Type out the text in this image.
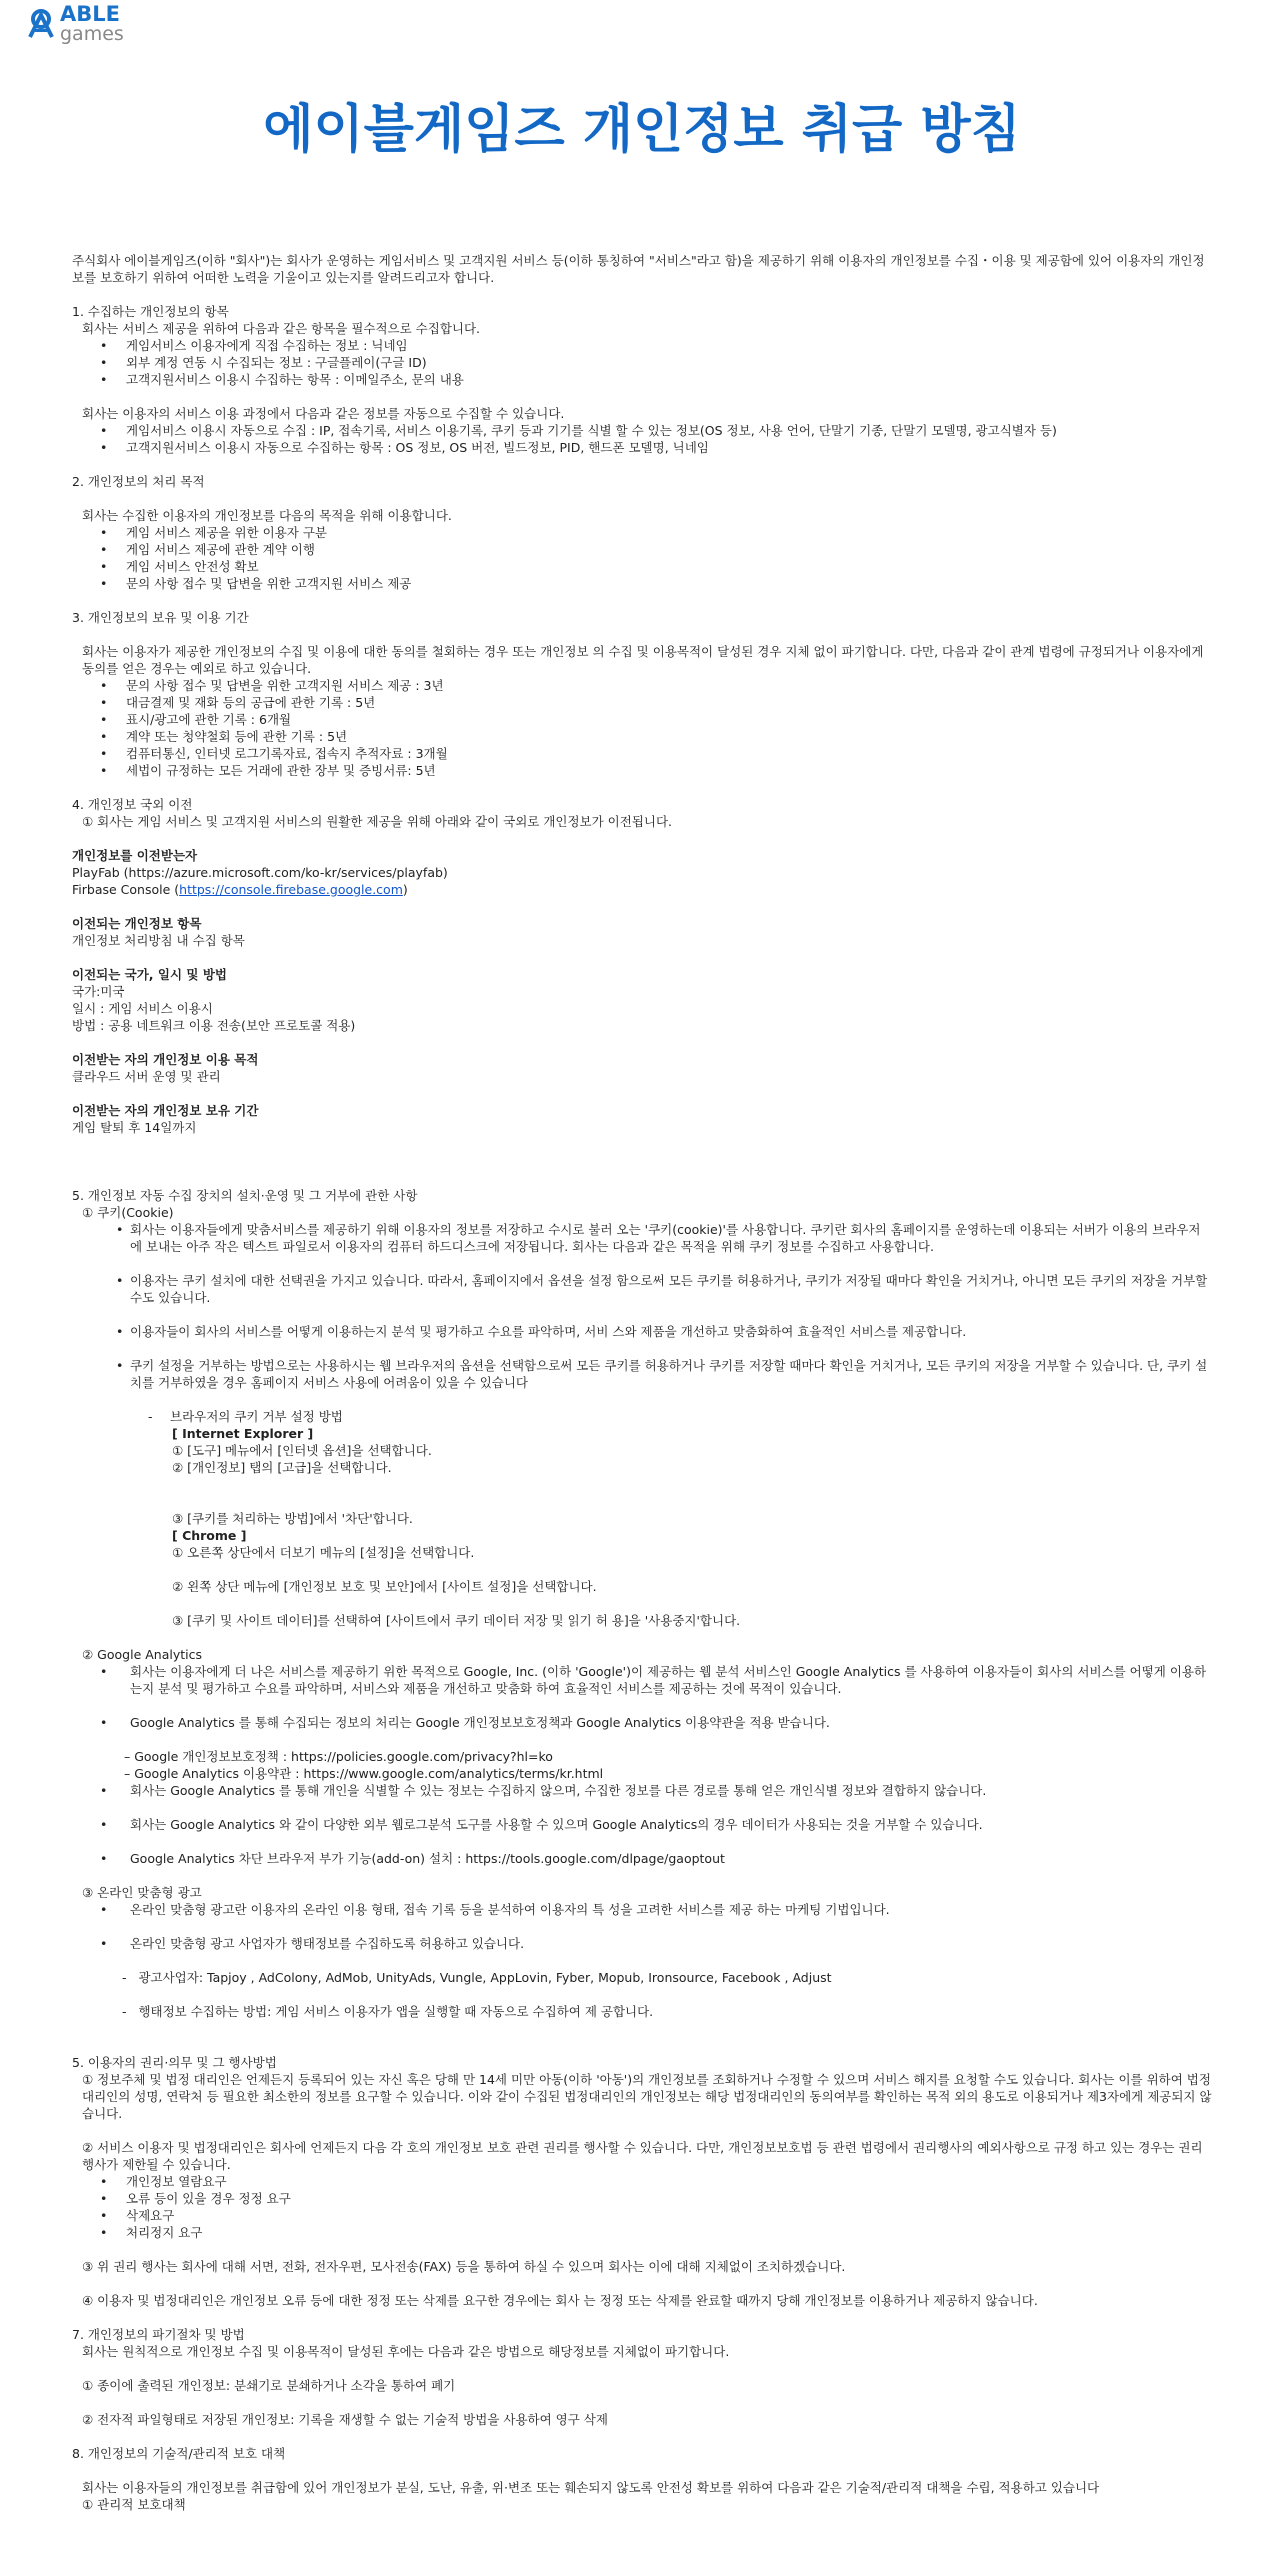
ABLE
games
에이블게임즈 개인정보 취급 방침

주식회사 에이블게임즈(이하 "회사")는 회사가 운영하는 게임서비스 및 고객지원 서비스 등(이하 통칭하여 "서비스"라고 함)을 제공하기 위해 이용자의 개인정보를 수집・이용 및 제공함에 있어 이용자의 개인정보를 보호하기 위하여 어떠한 노력을 기울이고 있는지를 알려드리고자 합니다.

1. 수집하는 개인정보의 항목

회사는 서비스 제공을 위하여 다음과 같은 항목을 필수적으로 수집합니다.

• 게임서비스 이용자에게 직접 수집하는 정보 : 닉네임
• 외부 계정 연동 시 수집되는 정보 : 구글플레이(구글 ID)
• 고객지원서비스 이용시 수집하는 항목 : 이메일주소, 문의 내용

회사는 이용자의 서비스 이용 과정에서 다음과 같은 정보를 자동으로 수집할 수 있습니다.

• 게임서비스 이용시 자동으로 수집 : IP, 접속기록, 서비스 이용기록, 쿠키 등과 기기를 식별 할 수 있는 정보(OS 정보, 사용 언어, 단말기 기종, 단말기 모델명, 광고식별자 등)
• 고객지원서비스 이용시 자동으로 수집하는 항목 : OS 정보, OS 버전, 빌드정보, PID, 핸드폰 모델명, 닉네임

2. 개인정보의 처리 목적

회사는 수집한 이용자의 개인정보를 다음의 목적을 위해 이용합니다.

• 게임 서비스 제공을 위한 이용자 구분
• 게임 서비스 제공에 관한 계약 이행
• 게임 서비스 안전성 확보
• 문의 사항 접수 및 답변을 위한 고객지원 서비스 제공

3. 개인정보의 보유 및 이용 기간

회사는 이용자가 제공한 개인정보의 수집 및 이용에 대한 동의를 철회하는 경우 또는 개인정보 의 수집 및 이용목적이 달성된 경우 지체 없이 파기합니다. 다만, 다음과 같이 관계 법령에 규정되거나 이용자에게 동의를 얻은 경우는 예외로 하고 있습니다.

• 문의 사항 접수 및 답변을 위한 고객지원 서비스 제공 : 3년
• 대금결제 및 재화 등의 공급에 관한 기록 : 5년
• 표시/광고에 관한 기록 : 6개월
• 계약 또는 청약철회 등에 관한 기록 : 5년
• 컴퓨터통신, 인터넷 로그기록자료, 접속지 추적자료 : 3개월
• 세법이 규정하는 모든 거래에 관한 장부 및 증빙서류: 5년

4. 개인정보 국외 이전

① 회사는 게임 서비스 및 고객지원 서비스의 원활한 제공을 위해 아래와 같이 국외로 개인정보가 이전됩니다.

개인정보를 이전받는자

PlayFab (https://azure.microsoft.com/ko-kr/services/playfab)

Firbase Console (https://console.firebase.google.com)

이전되는 개인정보 항목

개인정보 처리방침 내 수집 항목

이전되는 국가, 일시 및 방법

국가:미국

일시 : 게임 서비스 이용시

방법 : 공용 네트워크 이용 전송(보안 프로토콜 적용)

이전받는 자의 개인정보 이용 목적

클라우드 서버 운영 및 관리

이전받는 자의 개인정보 보유 기간

게임 탈퇴 후 14일까지

5. 개인정보 자동 수집 장치의 설치·운영 및 그 거부에 관한 사항

① 쿠키(Cookie)

• 회사는 이용자들에게 맞춤서비스를 제공하기 위해 이용자의 정보를 저장하고 수시로 불러 오는 '쿠키(cookie)'를 사용합니다. 쿠키란 회사의 홈페이지를 운영하는데 이용되는 서버가 이용의 브라우저에 보내는 아주 작은 텍스트 파일로서 이용자의 컴퓨터 하드디스크에 저장됩니다. 회사는 다음과 같은 목적을 위해 쿠키 정보를 수집하고 사용합니다.
• 이용자는 쿠키 설치에 대한 선택권을 가지고 있습니다. 따라서, 홈페이지에서 옵션을 설정 함으로써 모든 쿠키를 허용하거나, 쿠키가 저장될 때마다 확인을 거치거나, 아니면 모든 쿠키의 저장을 거부할 수도 있습니다.
• 이용자들이 회사의 서비스를 어떻게 이용하는지 분석 및 평가하고 수요를 파악하며, 서비 스와 제품을 개선하고 맞춤화하여 효율적인 서비스를 제공합니다.
• 쿠키 설정을 거부하는 방법으로는 사용하시는 웹 브라우저의 옵션을 선택함으로써 모든 쿠키를 허용하거나 쿠키를 저장할 때마다 확인을 거치거나, 모든 쿠키의 저장을 거부할 수 있습니다. 단, 쿠키 설치를 거부하였을 경우 홈페이지 서비스 사용에 어려움이 있을 수 있습니다

- 브라우저의 쿠키 거부 설정 방법

[ Internet Explorer ]

① [도구] 메뉴에서 [인터넷 옵션]을 선택합니다.

② [개인정보] 탭의 [고급]을 선택합니다.

③ [쿠키를 처리하는 방법]에서 '차단'합니다.

[ Chrome ]

① 오른쪽 상단에서 더보기 메뉴의 [설정]을 선택합니다.

② 왼쪽 상단 메뉴에 [개인정보 보호 및 보안]에서 [사이트 설정]을 선택합니다.

③ [쿠키 및 사이트 데이터]를 선택하여 [사이트에서 쿠키 데이터 저장 및 읽기 허 용]을 '사용중지'합니다.

② Google Analytics

• 회사는 이용자에게 더 나은 서비스를 제공하기 위한 목적으로 Google, Inc. (이하 'Google')이 제공하는 웹 분석 서비스인 Google Analytics 를 사용하여 이용자들이 회사의 서비스를 어떻게 이용하는지 분석 및 평가하고 수요를 파악하며, 서비스와 제품을 개선하고 맞춤화 하여 효율적인 서비스를 제공하는 것에 목적이 있습니다.
• Google Analytics 를 통해 수집되는 정보의 처리는 Google 개인정보보호정책과 Google Analytics 이용약관을 적용 받습니다.

– Google 개인정보보호정책 : https://policies.google.com/privacy?hl=ko

– Google Analytics 이용약관 : https://www.google.com/analytics/terms/kr.html

• 회사는 Google Analytics 를 통해 개인을 식별할 수 있는 정보는 수집하지 않으며, 수집한 정보를 다른 경로를 통해 얻은 개인식별 정보와 결합하지 않습니다.
• 회사는 Google Analytics 와 같이 다양한 외부 웹로그분석 도구를 사용할 수 있으며 Google Analytics의 경우 데이터가 사용되는 것을 거부할 수 있습니다.
• Google Analytics 차단 브라우저 부가 기능(add-on) 설치 : https://tools.google.com/dlpage/gaoptout

③ 온라인 맞춤형 광고

• 온라인 맞춤형 광고란 이용자의 온라인 이용 형태, 접속 기록 등을 분석하여 이용자의 특 성을 고려한 서비스를 제공 하는 마케팅 기법입니다.
• 온라인 맞춤형 광고 사업자가 행태정보를 수집하도록 허용하고 있습니다.

-   광고사업자: Tapjoy , AdColony, AdMob, UnityAds, Vungle, AppLovin, Fyber, Mopub, Ironsource, Facebook , Adjust

-   행태정보 수집하는 방법: 게임 서비스 이용자가 앱을 실행할 때 자동으로 수집하여 제 공합니다.

5. 이용자의 권리·의무 및 그 행사방법

① 정보주체 및 법정 대리인은 언제든지 등록되어 있는 자신 혹은 당해 만 14세 미만 아동(이하 '아동')의 개인정보를 조회하거나 수정할 수 있으며 서비스 해지를 요청할 수도 있습니다. 회사는 이를 위하여 법정대리인의 성명, 연락처 등 필요한 최소한의 정보를 요구할 수 있습니다. 이와 같이 수집된 법정대리인의 개인정보는 해당 법정대리인의 동의여부를 확인하는 목적 외의 용도로 이용되거나 제3자에게 제공되지 않습니다.

② 서비스 이용자 및 법정대리인은 회사에 언제든지 다음 각 호의 개인정보 보호 관련 권리를 행사할 수 있습니다. 다만, 개인정보보호법 등 관련 법령에서 권리행사의 예외사항으로 규정 하고 있는 경우는 권리행사가 제한될 수 있습니다.

• 개인정보 열람요구
• 오류 등이 있을 경우 정정 요구
• 삭제요구
• 처리정지 요구

③ 위 권리 행사는 회사에 대해 서면, 전화, 전자우편, 모사전송(FAX) 등을 통하여 하실 수 있으며 회사는 이에 대해 지체없이 조치하겠습니다.

④ 이용자 및 법정대리인은 개인정보 오류 등에 대한 정정 또는 삭제를 요구한 경우에는 회사 는 정정 또는 삭제를 완료할 때까지 당해 개인정보를 이용하거나 제공하지 않습니다.

7. 개인정보의 파기절차 및 방법

회사는 원칙적으로 개인정보 수집 및 이용목적이 달성된 후에는 다음과 같은 방법으로 해당정보를 지체없이 파기합니다.

① 종이에 출력된 개인정보: 분쇄기로 분쇄하거나 소각을 통하여 폐기

② 전자적 파일형태로 저장된 개인정보: 기록을 재생할 수 없는 기술적 방법을 사용하여 영구 삭제

8. 개인정보의 기술적/관리적 보호 대책

회사는 이용자들의 개인정보를 취급함에 있어 개인정보가 분실, 도난, 유출, 위·변조 또는 훼손되지 않도록 안전성 확보를 위하여 다음과 같은 기술적/관리적 대책을 수립, 적용하고 있습니다

① 관리적 보호대책
